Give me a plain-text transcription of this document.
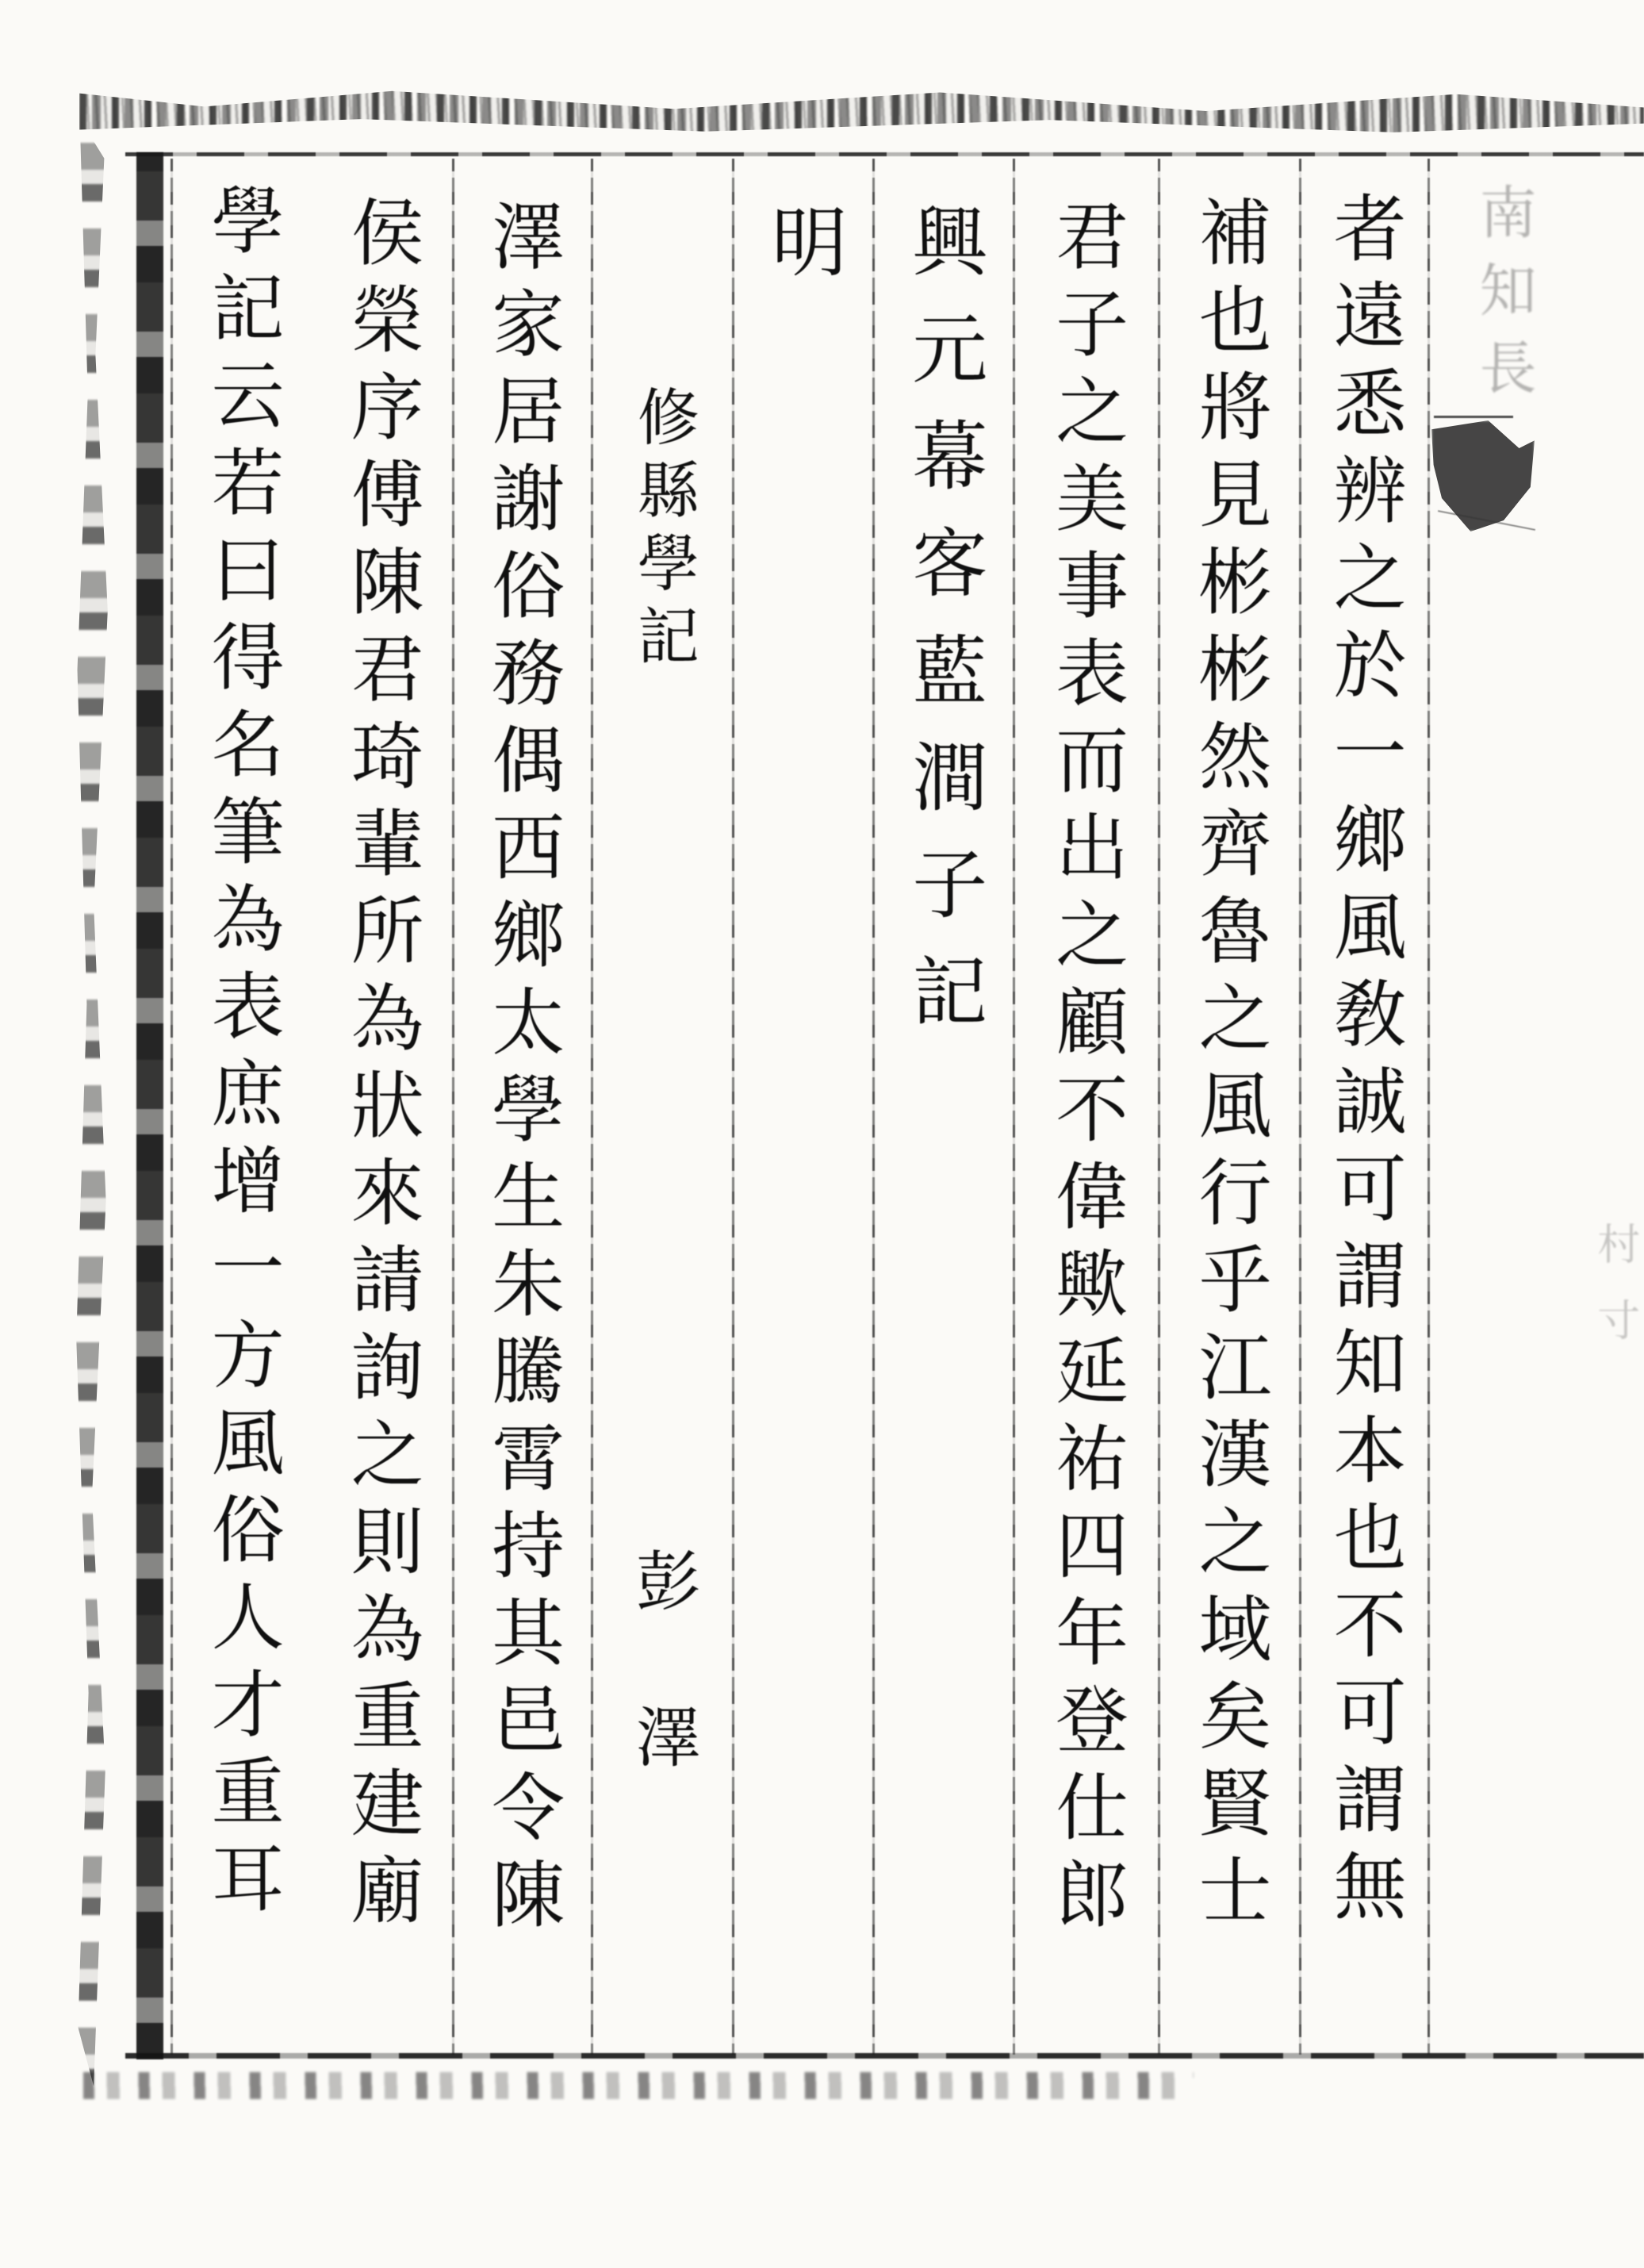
南知長
村寸
者遠悉辨之於一鄉風敎誠可謂知本也不可謂無
補也將見彬彬然齊魯之風行乎江漢之域矣賢士
君子之美事表而出之顧不偉歟延祐四年登仕郎
興元幕客藍澗子記
明
修縣學記
彭澤
澤家居謝俗務偶西鄉太學生朱騰霄持其邑令陳
侯榮序傅陳君琦輩所為狀來請詢之則為重建廟
學記云若曰得名筆為表庶增一方風俗人才重耳
